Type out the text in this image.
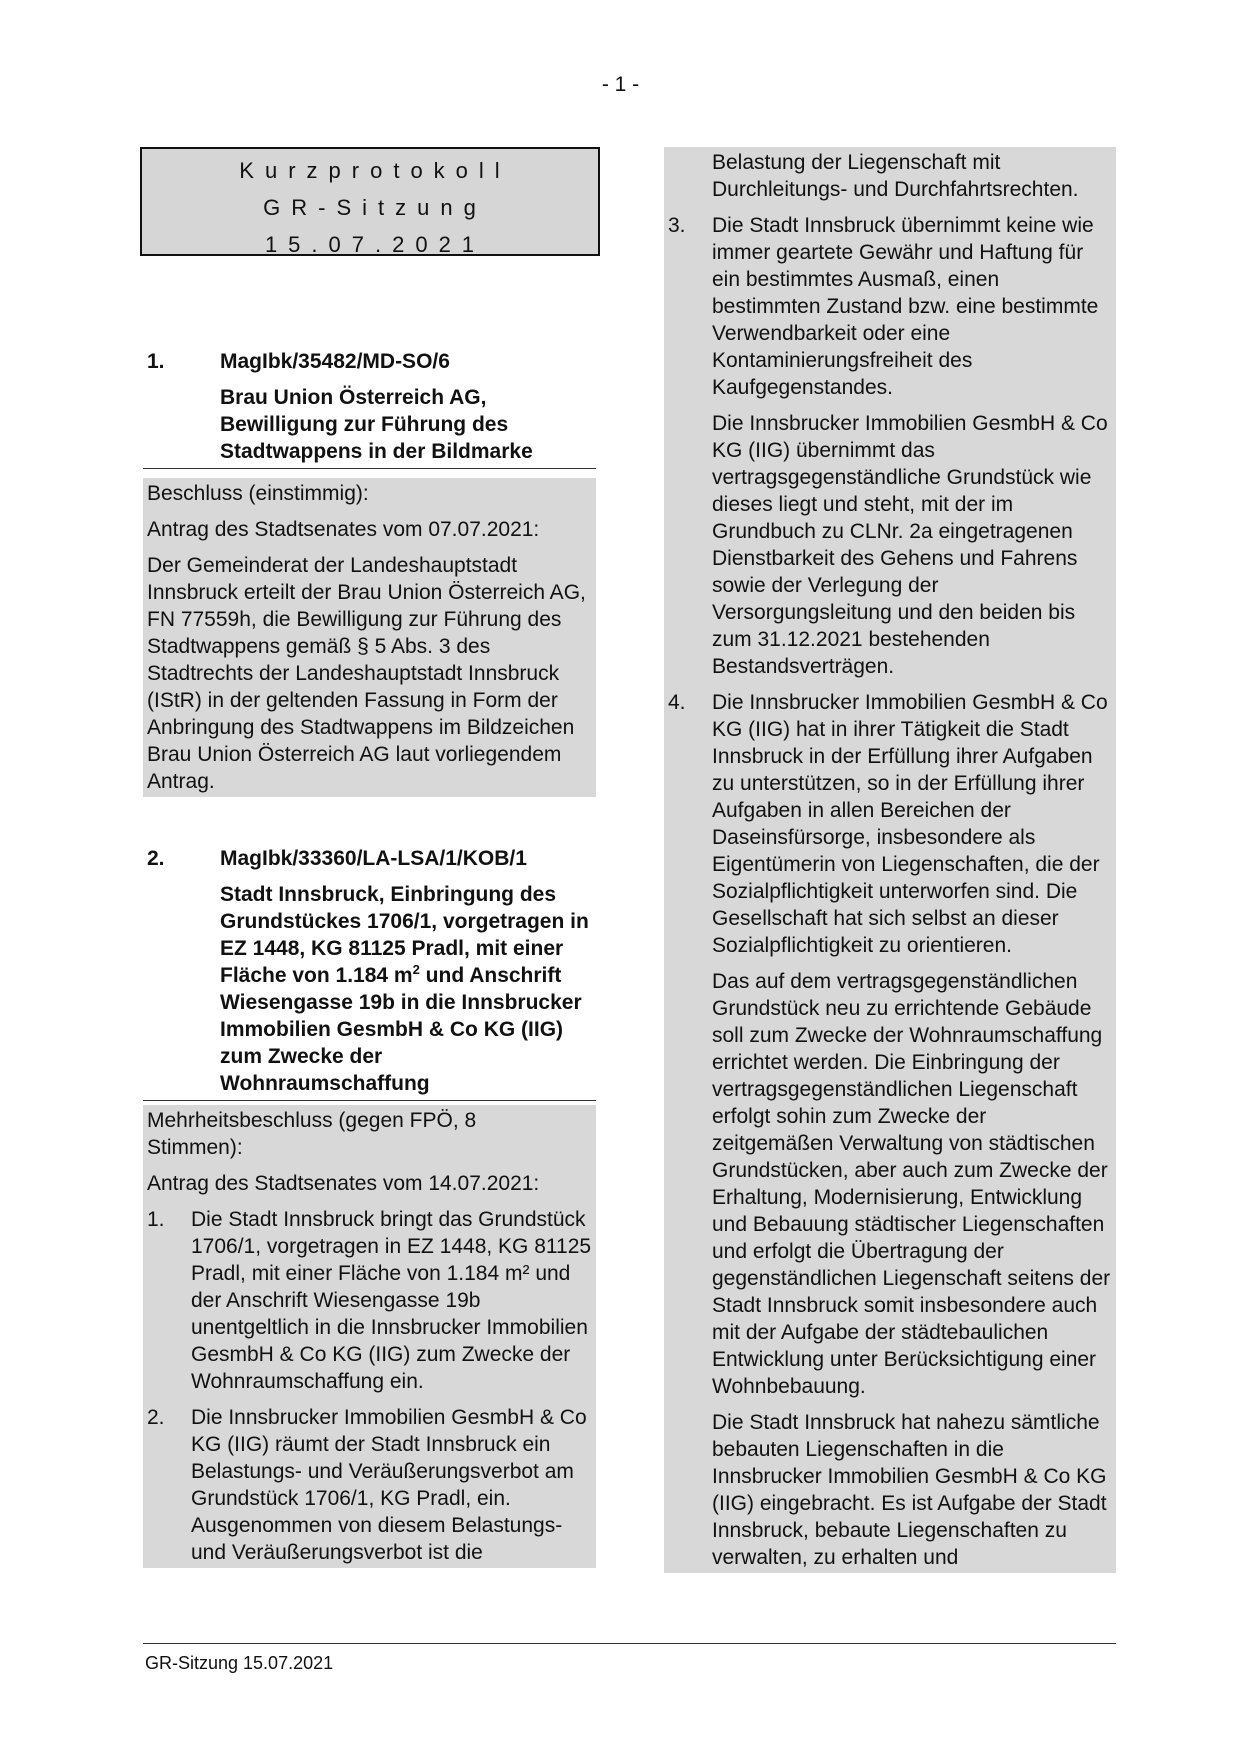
- 1 -
Kurzprotokoll
GR-Sitzung
15.07.2021
1.	MagIbk/35482/MD-SO/6
Brau Union Österreich AG, Bewilligung zur Führung des Stadtwappens in der Bildmarke

Beschluss (einstimmig):

Antrag des Stadtsenates vom 07.07.2021:

Der Gemeinderat der Landeshauptstadt Innsbruck erteilt der Brau Union Österreich AG, FN 77559h, die Bewilligung zur Führung des Stadtwappens gemäß § 5 Abs. 3 des Stadtrechts der Landeshauptstadt Innsbruck (IStR) in der geltenden Fassung in Form der Anbringung des Stadtwappens im Bildzeichen Brau Union Österreich AG laut vorliegendem Antrag.

2.	MagIbk/33360/LA-LSA/1/KOB/1
Stadt Innsbruck, Einbringung des Grundstückes 1706/1, vorgetragen in EZ 1448, KG 81125 Pradl, mit einer Fläche von 1.184 $m^2$ und Anschrift Wiesengasse 19b in die Innsbrucker Immobilien GesmbH & Co KG (IIG) zum Zwecke der Wohnraumschaffung

Mehrheitsbeschluss (gegen FPÖ, 8 Stimmen):

Antrag des Stadtsenates vom 14.07.2021:

1. Die Stadt Innsbruck bringt das Grundstück 1706/1, vorgetragen in EZ 1448, KG 81125 Pradl, mit einer Fläche von 1.184 m² und der Anschrift Wiesengasse 19b unentgeltlich in die Innsbrucker Immobilien GesmbH & Co KG (IIG) zum Zwecke der Wohnraumschaffung ein.
2. Die Innsbrucker Immobilien GesmbH & Co KG (IIG) räumt der Stadt Innsbruck ein Belastungs- und Veräußerungsverbot am Grundstück 1706/1, KG Pradl, ein. Ausgenommen von diesem Belastungs- und Veräußerungsverbot ist die

Belastung der Liegenschaft mit Durchleitungs- und Durchfahrtsrechten.

3. Die Stadt Innsbruck übernimmt keine wie immer geartete Gewähr und Haftung für ein bestimmtes Ausmaß, einen bestimmten Zustand bzw. eine bestimmte Verwendbarkeit oder eine Kontaminierungsfreiheit des Kaufgegenstandes.

Die Innsbrucker Immobilien GesmbH & Co KG (IIG) übernimmt das vertragsgegenständliche Grundstück wie dieses liegt und steht, mit der im Grundbuch zu CLNr. 2a eingetragenen Dienstbarkeit des Gehens und Fahrens sowie der Verlegung der Versorgungsleitung und den beiden bis zum 31.12.2021 bestehenden Bestandsverträgen.

4. Die Innsbrucker Immobilien GesmbH & Co KG (IIG) hat in ihrer Tätigkeit die Stadt Innsbruck in der Erfüllung ihrer Aufgaben zu unterstützen, so in der Erfüllung ihrer Aufgaben in allen Bereichen der Daseinsfürsorge, insbesondere als Eigentümerin von Liegenschaften, die der Sozialpflichtigkeit unterworfen sind. Die Gesellschaft hat sich selbst an dieser Sozialpflichtigkeit zu orientieren.

Das auf dem vertragsgegenständlichen Grundstück neu zu errichtende Gebäude soll zum Zwecke der Wohnraumschaffung errichtet werden. Die Einbringung der vertragsgegenständlichen Liegenschaft erfolgt sohin zum Zwecke der zeitgemäßen Verwaltung von städtischen Grundstücken, aber auch zum Zwecke der Erhaltung, Modernisierung, Entwicklung und Bebauung städtischer Liegenschaften und erfolgt die Übertragung der gegenständlichen Liegenschaft seitens der Stadt Innsbruck somit insbesondere auch mit der Aufgabe der städtebaulichen Entwicklung unter Berücksichtigung einer Wohnbebauung.

Die Stadt Innsbruck hat nahezu sämtliche bebauten Liegenschaften in die Innsbrucker Immobilien GesmbH & Co KG (IIG) eingebracht. Es ist Aufgabe der Stadt Innsbruck, bebaute Liegenschaften zu verwalten, zu erhalten und

GR-Sitzung 15.07.2021
